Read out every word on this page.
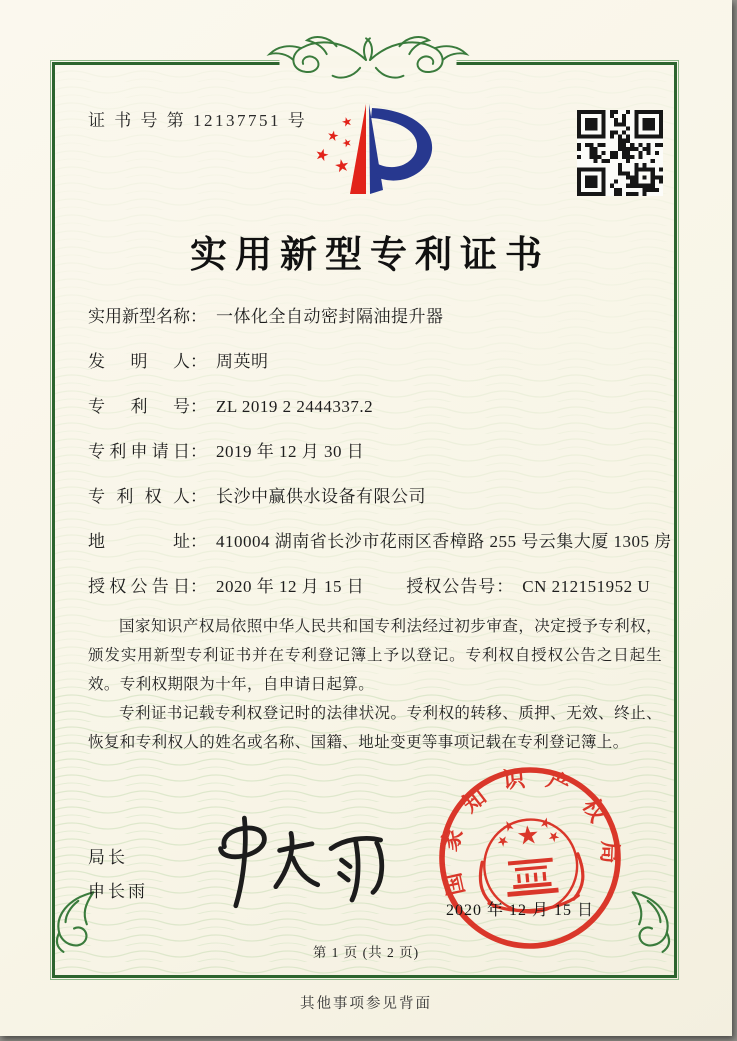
证 书 号 第 12137751 号
实用新型专利证书
实用新型名称 ： 一体化全自动密封隔油提升器
发明人 ： 周英明
专利号 ： ZL 2019 2 2444337.2
专利申请日 ： 2019 年 12 月 30 日
专利权人 ： 长沙中赢供水设备有限公司
地址 ： 410004 湖南省长沙市花雨区香樟路 255 号云集大厦 1305 房
授权公告日 ： 2020 年 12 月 15 日 授权公告号 ： CN 212151952 U

国家知识产权局依照中华人民共和国专利法经过初步审查，决定授予专利权，颁发实用新型专利证书并在专利登记簿上予以登记。专利权自授权公告之日起生效。专利权期限为十年，自申请日起算。

专利证书记载专利权登记时的法律状况。专利权的转移、质押、无效、终止、恢复和专利权人的姓名或名称、国籍、地址变更等事项记载在专利登记簿上。

局长
申长雨	国家知识产权局
2020 年 12 月 15 日
第 1 页 (共 2 页)
其他事项参见背面
